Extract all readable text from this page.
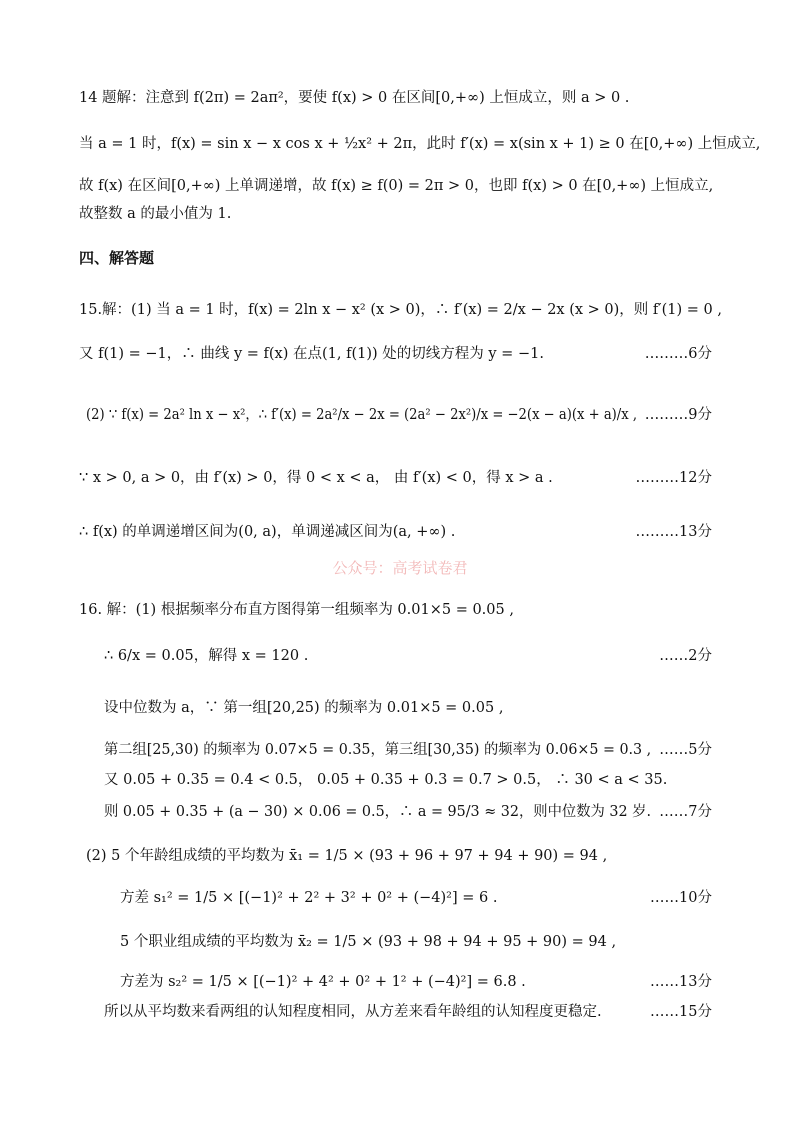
14 题解：注意到 f(2π) = 2aπ²，要使 f(x) > 0 在区间[0,+∞) 上恒成立，则 a > 0 .
当 a = 1 时，f(x) = sin x − x cos x + ½x² + 2π，此时 f′(x) = x(sin x + 1) ≥ 0 在[0,+∞) 上恒成立,
故 f(x) 在区间[0,+∞) 上单调递增，故 f(x) ≥ f(0) = 2π > 0，也即 f(x) > 0 在[0,+∞) 上恒成立,
故整数 a 的最小值为 1.
四、解答题
15.解：(1) 当 a = 1 时，f(x) = 2ln x − x² (x > 0)，∴ f′(x) = 2/x − 2x (x > 0)，则 f′(1) = 0 ,
又 f(1) = −1，∴ 曲线 y = f(x) 在点(1, f(1)) 处的切线方程为 y = −1.	………6分
(2) ∵ f(x) = 2a² ln x − x²，∴ f′(x) = 2a²/x − 2x = (2a² − 2x²)/x = −2(x − a)(x + a)/x , ………9分
∵ x > 0, a > 0，由 f′(x) > 0，得 0 < x < a， 由 f′(x) < 0，得 x > a .	………12分
∴ f(x) 的单调递增区间为(0, a)，单调递减区间为(a, +∞) .	………13分
公众号：高考试卷君
16. 解：(1) 根据频率分布直方图得第一组频率为 0.01×5 = 0.05 ,
∴ 6/x = 0.05，解得 x = 120 .	……2分
设中位数为 a，∵ 第一组[20,25) 的频率为 0.01×5 = 0.05 ,
第二组[25,30) 的频率为 0.07×5 = 0.35，第三组[30,35) 的频率为 0.06×5 = 0.3 , ……5分
又 0.05 + 0.35 = 0.4 < 0.5， 0.05 + 0.35 + 0.3 = 0.7 > 0.5， ∴ 30 < a < 35.
则 0.05 + 0.35 + (a − 30) × 0.06 = 0.5，∴ a = 95/3 ≈ 32，则中位数为 32 岁. ……7分
(2) 5 个年龄组成绩的平均数为 x̄₁ = 1/5 × (93 + 96 + 97 + 94 + 90) = 94 ,
方差 s₁² = 1/5 × [(−1)² + 2² + 3² + 0² + (−4)²] = 6 .	……10分
5 个职业组成绩的平均数为 x̄₂ = 1/5 × (93 + 98 + 94 + 95 + 90) = 94 ,
方差为 s₂² = 1/5 × [(−1)² + 4² + 0² + 1² + (−4)²] = 6.8 .	……13分
所以从平均数来看两组的认知程度相同，从方差来看年龄组的认知程度更稳定.	……15分
